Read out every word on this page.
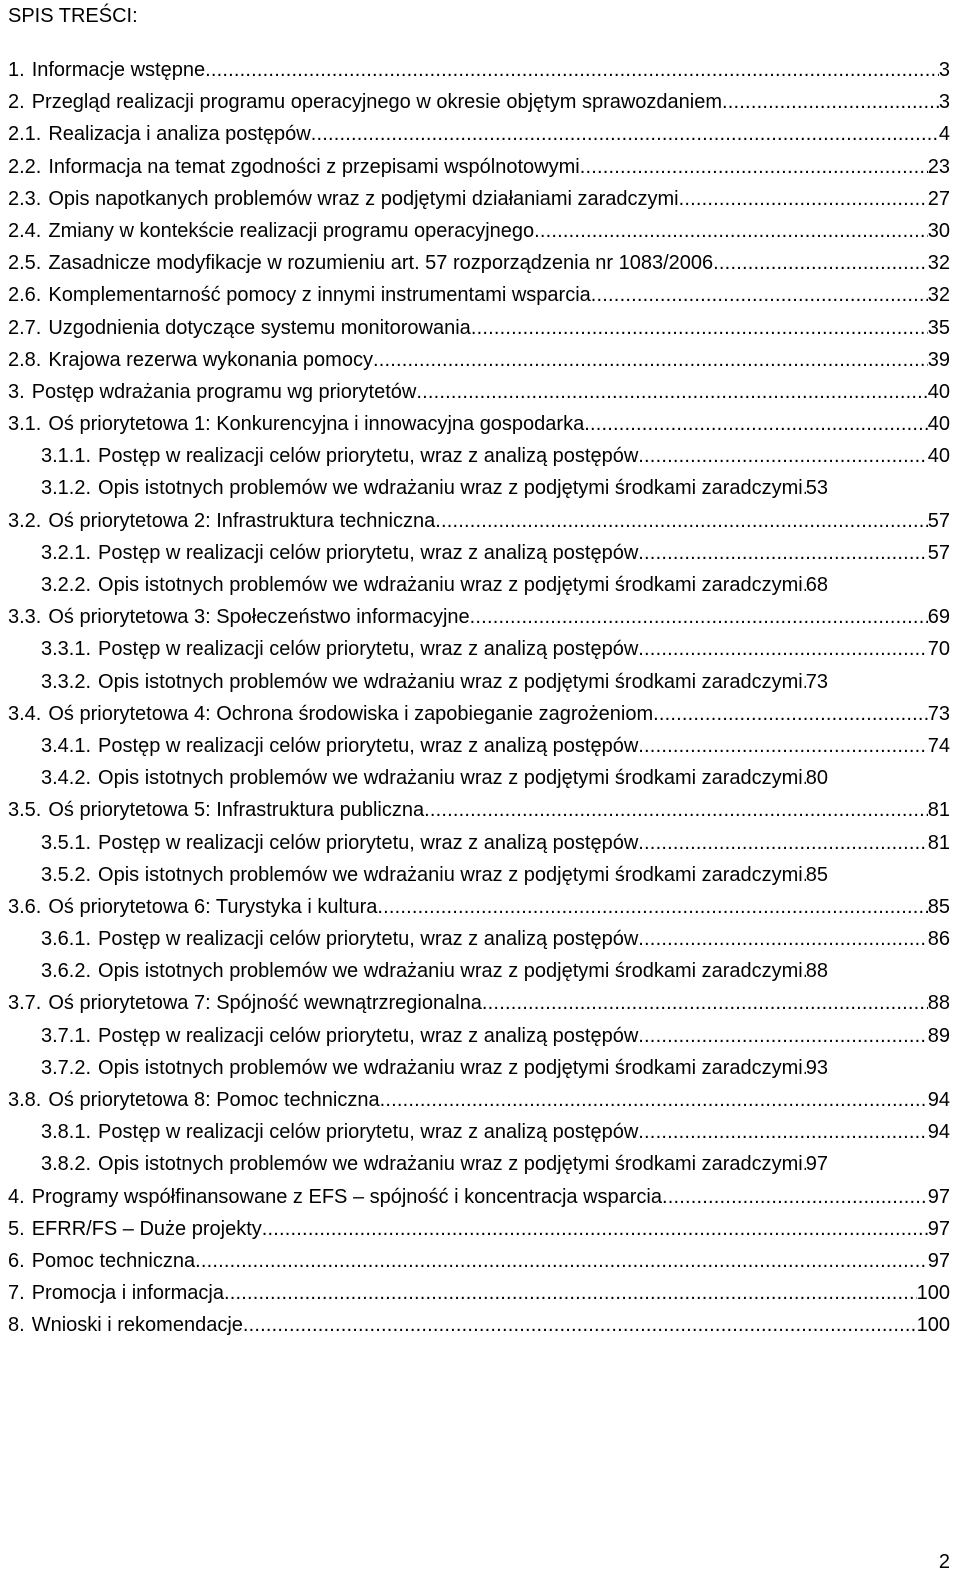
SPIS TREŚCI:
1. Informacje wstępne .....	3
2. Przegląd realizacji programu operacyjnego w okresie objętym sprawozdaniem .....	3
2.1. Realizacja i analiza postępów .....	4
2.2. Informacja na temat zgodności z przepisami wspólnotowymi .....	23
2.3. Opis napotkanych problemów wraz z podjętymi działaniami zaradczymi .....	27
2.4. Zmiany w kontekście realizacji programu operacyjnego .....	30
2.5. Zasadnicze modyfikacje w rozumieniu art. 57 rozporządzenia nr 1083/2006 .....	32
2.6. Komplementarność pomocy z innymi instrumentami wsparcia .....	32
2.7. Uzgodnienia dotyczące systemu monitorowania .....	35
2.8. Krajowa rezerwa wykonania pomocy .....	39
3. Postęp wdrażania programu wg priorytetów .....	40
3.1. Oś priorytetowa 1: Konkurencyjna i innowacyjna gospodarka .....	40
3.1.1. Postęp w realizacji celów priorytetu, wraz z analizą postępów .....	40
3.1.2. Opis istotnych problemów we wdrażaniu wraz z podjętymi środkami zaradczymi ..... 53
3.2. Oś priorytetowa 2: Infrastruktura techniczna .....	57
3.2.1. Postęp w realizacji celów priorytetu, wraz z analizą postępów .....	57
3.2.2. Opis istotnych problemów we wdrażaniu wraz z podjętymi środkami zaradczymi ..... 68
3.3. Oś priorytetowa 3: Społeczeństwo informacyjne .....	69
3.3.1. Postęp w realizacji celów priorytetu, wraz z analizą postępów .....	70
3.3.2. Opis istotnych problemów we wdrażaniu wraz z podjętymi środkami zaradczymi ..... 73
3.4. Oś priorytetowa 4: Ochrona środowiska i zapobieganie zagrożeniom .....	73
3.4.1. Postęp w realizacji celów priorytetu, wraz z analizą postępów .....	74
3.4.2. Opis istotnych problemów we wdrażaniu wraz z podjętymi środkami zaradczymi ..... 80
3.5. Oś priorytetowa 5: Infrastruktura publiczna .....	81
3.5.1. Postęp w realizacji celów priorytetu, wraz z analizą postępów .....	81
3.5.2. Opis istotnych problemów we wdrażaniu wraz z podjętymi środkami zaradczymi ..... 85
3.6. Oś priorytetowa 6: Turystyka i kultura .....	85
3.6.1. Postęp w realizacji celów priorytetu, wraz z analizą postępów .....	86
3.6.2. Opis istotnych problemów we wdrażaniu wraz z podjętymi środkami zaradczymi ..... 88
3.7. Oś priorytetowa 7: Spójność wewnątrzregionalna .....	88
3.7.1. Postęp w realizacji celów priorytetu, wraz z analizą postępów .....	89
3.7.2. Opis istotnych problemów we wdrażaniu wraz z podjętymi środkami zaradczymi ..... 93
3.8. Oś priorytetowa 8: Pomoc techniczna .....	94
3.8.1. Postęp w realizacji celów priorytetu, wraz z analizą postępów .....	94
3.8.2. Opis istotnych problemów we wdrażaniu wraz z podjętymi środkami zaradczymi ..... 97
4. Programy współfinansowane z EFS – spójność i koncentracja wsparcia .....	97
5. EFRR/FS – Duże projekty .....	97
6. Pomoc techniczna .....	97
7. Promocja i informacja .....	100
8. Wnioski i rekomendacje .....	100
2
